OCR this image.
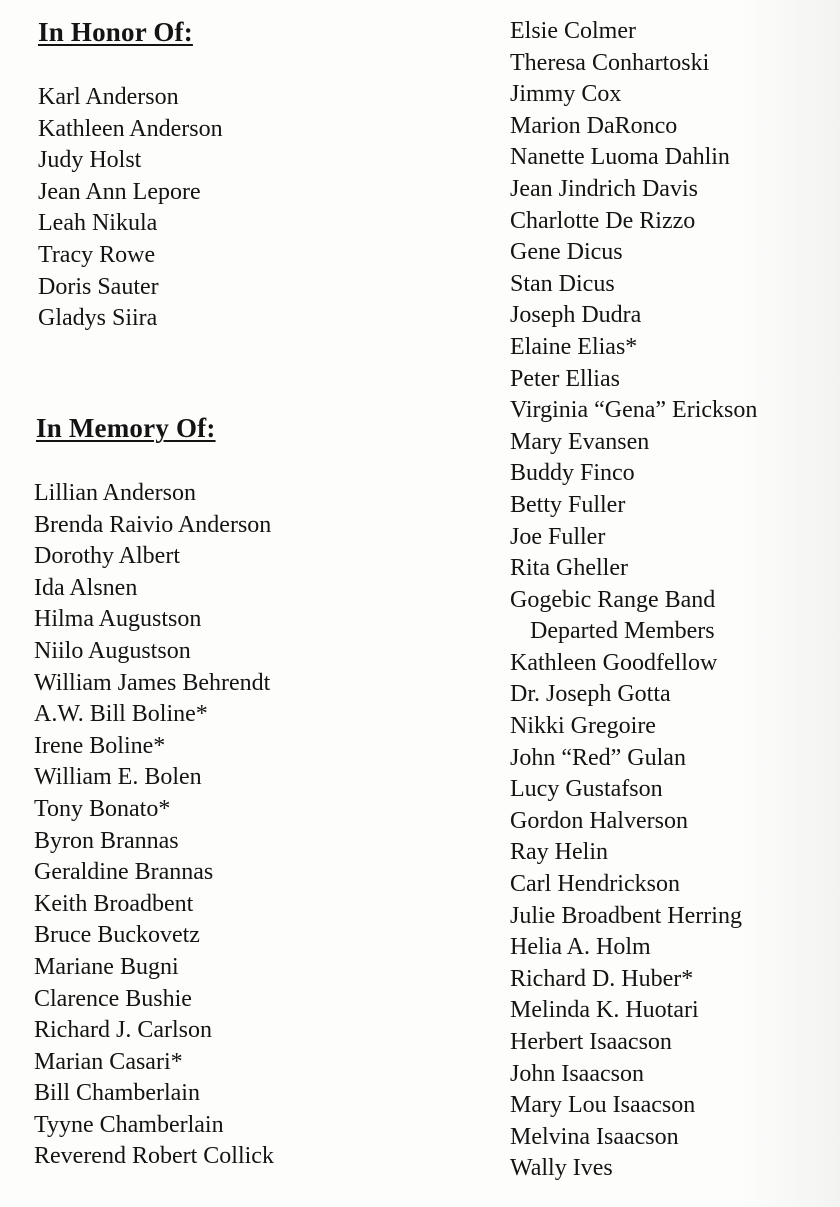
In Honor Of:
Karl Anderson
Kathleen Anderson
Judy Holst
Jean Ann Lepore
Leah Nikula
Tracy Rowe
Doris Sauter
Gladys Siira
In Memory Of:
Lillian Anderson
Brenda Raivio Anderson
Dorothy Albert
Ida Alsnen
Hilma Augustson
Niilo Augustson
William James Behrendt
A.W. Bill Boline*
Irene Boline*
William E. Bolen
Tony Bonato*
Byron Brannas
Geraldine Brannas
Keith Broadbent
Bruce Buckovetz
Mariane Bugni
Clarence Bushie
Richard J. Carlson
Marian Casari*
Bill Chamberlain
Tyyne Chamberlain
Reverend Robert Collick
Elsie Colmer
Theresa Conhartoski
Jimmy Cox
Marion DaRonco
Nanette Luoma Dahlin
Jean Jindrich Davis
Charlotte De Rizzo
Gene Dicus
Stan Dicus
Joseph Dudra
Elaine Elias*
Peter Ellias
Virginia “Gena” Erickson
Mary Evansen
Buddy Finco
Betty Fuller
Joe Fuller
Rita Gheller
Gogebic Range Band
Departed Members
Kathleen Goodfellow
Dr. Joseph Gotta
Nikki Gregoire
John “Red” Gulan
Lucy Gustafson
Gordon Halverson
Ray Helin
Carl Hendrickson
Julie Broadbent Herring
Helia A. Holm
Richard D. Huber*
Melinda K. Huotari
Herbert Isaacson
John Isaacson
Mary Lou Isaacson
Melvina Isaacson
Wally Ives
